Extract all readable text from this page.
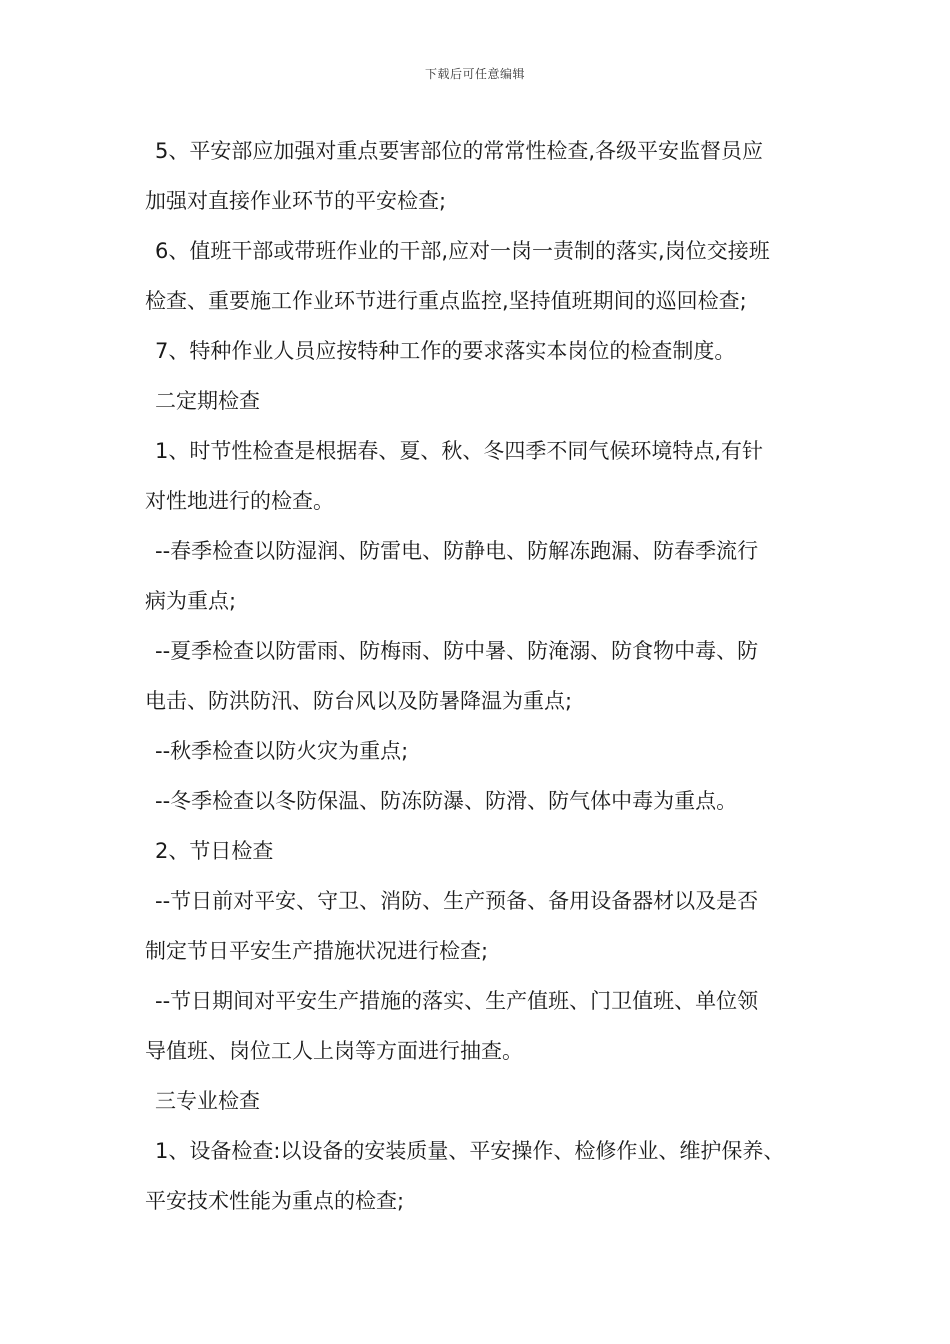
下载后可任意编辑
5、平安部应加强对重点要害部位的常常性检查,各级平安监督员应
加强对直接作业环节的平安检查;
6、值班干部或带班作业的干部,应对一岗一责制的落实,岗位交接班
检查、重要施工作业环节进行重点监控,坚持值班期间的巡回检查;
7、特种作业人员应按特种工作的要求落实本岗位的检查制度。
二定期检查
1、时节性检查是根据春、夏、秋、冬四季不同气候环境特点,有针
对性地进行的检查。
--春季检查以防湿润、防雷电、防静电、防解冻跑漏、防春季流行
病为重点;
--夏季检查以防雷雨、防梅雨、防中暑、防淹溺、防食物中毒、防
电击、防洪防汛、防台风以及防暑降温为重点;
--秋季检查以防火灾为重点;
--冬季检查以冬防保温、防冻防瀑、防滑、防气体中毒为重点。
2、节日检查
--节日前对平安、守卫、消防、生产预备、备用设备器材以及是否
制定节日平安生产措施状况进行检查;
--节日期间对平安生产措施的落实、生产值班、门卫值班、单位领
导值班、岗位工人上岗等方面进行抽查。
三专业检查
1、设备检查:以设备的安装质量、平安操作、检修作业、维护保养、
平安技术性能为重点的检查;
